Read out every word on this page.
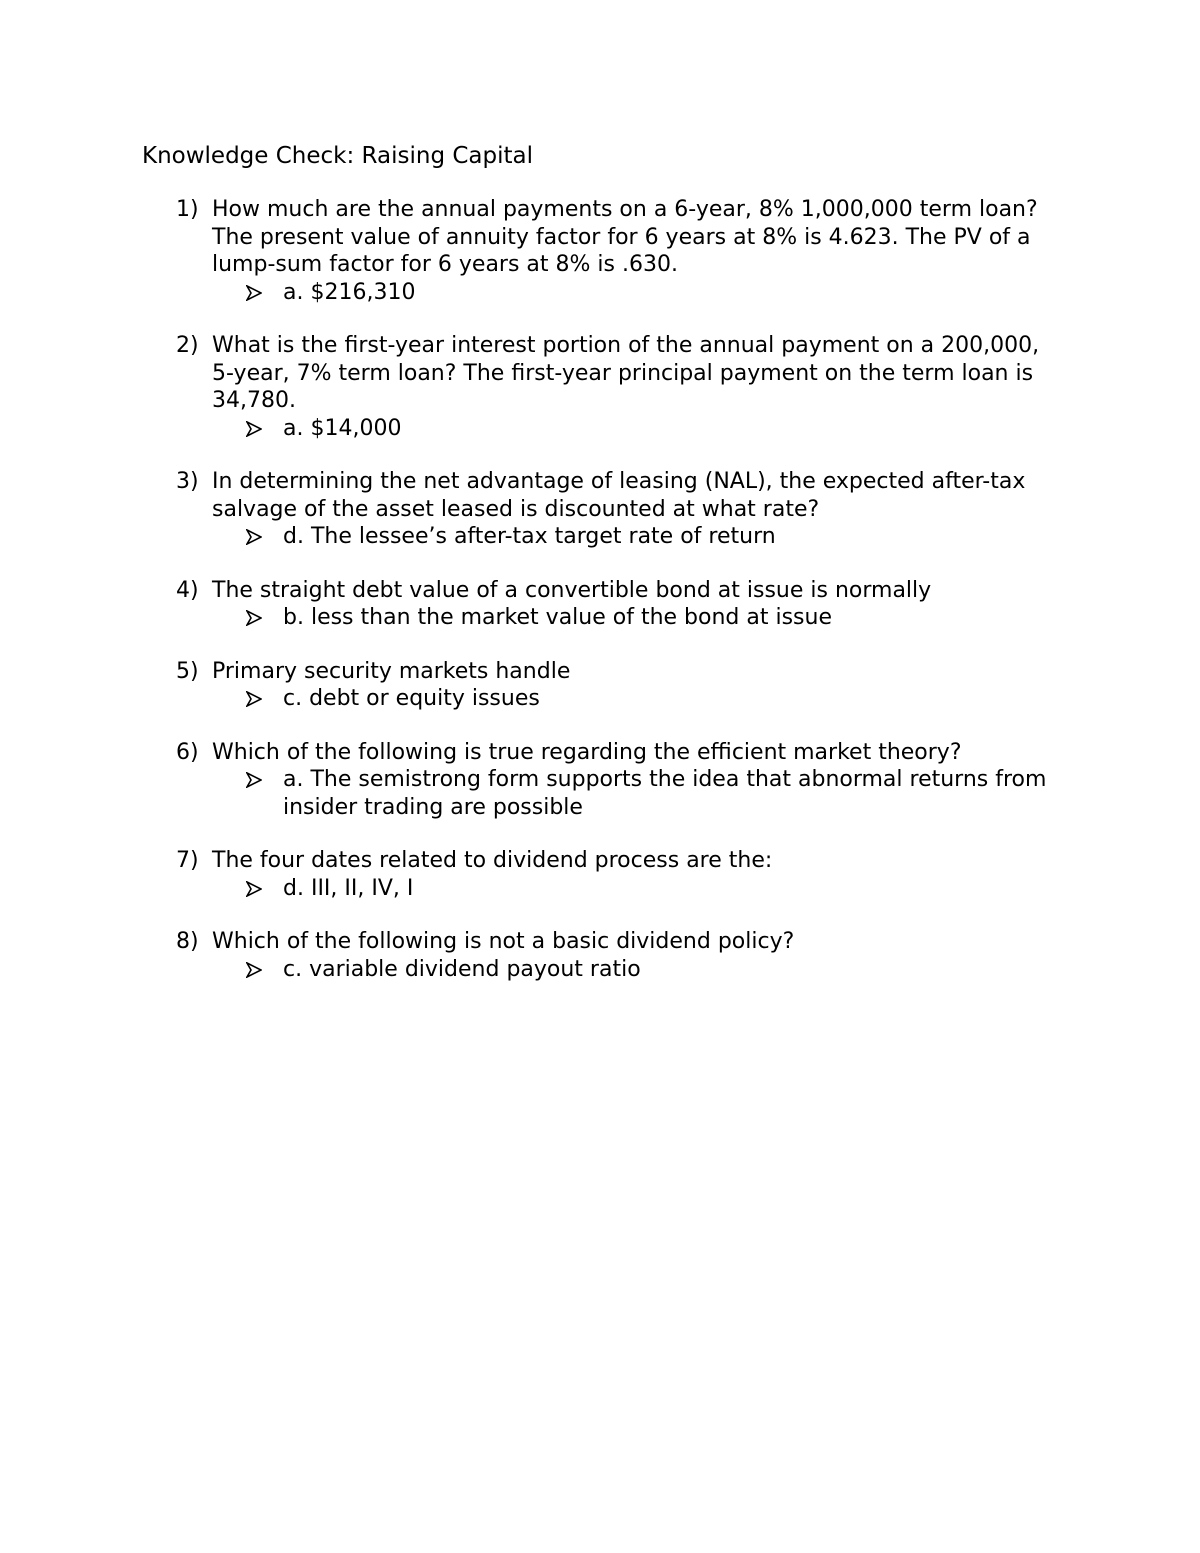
Knowledge Check: Raising Capital
1) How much are the annual payments on a 6-year, 8% 1,000,000 term loan? The present value of annuity factor for 6 years at 8% is 4.623. The PV of a lump-sum factor for 6 years at 8% is .630.
a. $216,310
2) What is the first-year interest portion of the annual payment on a 200,000, 5-year, 7% term loan? The first-year principal payment on the term loan is 34,780.
a. $14,000
3) In determining the net advantage of leasing (NAL), the expected after-tax salvage of the asset leased is discounted at what rate?
d. The lessee’s after-tax target rate of return
4) The straight debt value of a convertible bond at issue is normally
b. less than the market value of the bond at issue
5) Primary security markets handle
c. debt or equity issues
6) Which of the following is true regarding the efficient market theory?
a. The semistrong form supports the idea that abnormal returns from insider trading are possible
7) The four dates related to dividend process are the:
d. III, II, IV, I
8) Which of the following is not a basic dividend policy?
c. variable dividend payout ratio
